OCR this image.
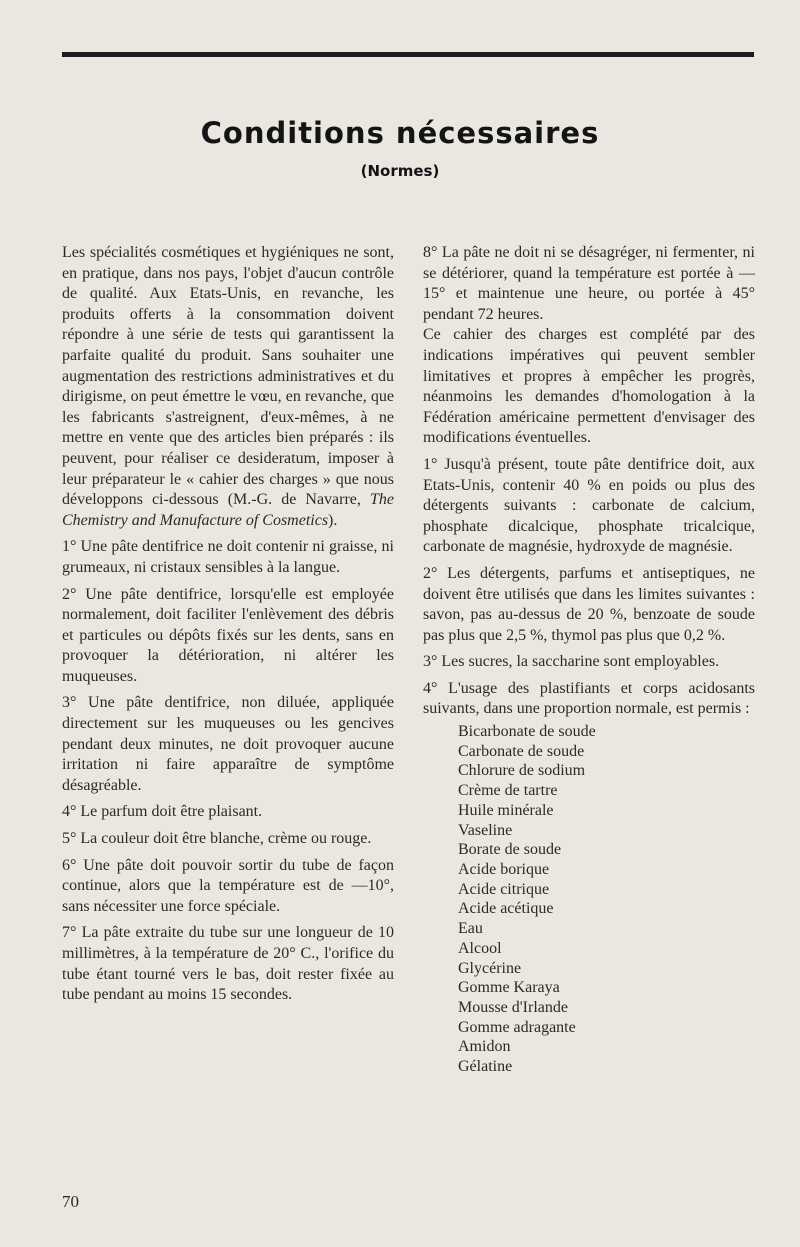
Conditions nécessaires
(Normes)

Les spécialités cosmétiques et hygiéniques ne sont, en pratique, dans nos pays, l'objet d'aucun contrôle de qualité. Aux Etats-Unis, en revanche, les produits offerts à la consommation doivent répondre à une série de tests qui garantissent la parfaite qualité du produit. Sans souhaiter une augmentation des restrictions administratives et du dirigisme, on peut émettre le vœu, en revanche, que les fabricants s'astreignent, d'eux-mêmes, à ne mettre en vente que des articles bien préparés : ils peuvent, pour réaliser ce desideratum, imposer à leur préparateur le « cahier des charges » que nous développons ci-dessous (M.-G. de Navarre, The Chemistry and Manufacture of Cosmetics).

1° Une pâte dentifrice ne doit contenir ni graisse, ni grumeaux, ni cristaux sensibles à la langue.

2° Une pâte dentifrice, lorsqu'elle est employée normalement, doit faciliter l'enlèvement des débris et particules ou dépôts fixés sur les dents, sans en provoquer la détérioration, ni altérer les muqueuses.

3° Une pâte dentifrice, non diluée, appliquée directement sur les muqueuses ou les gencives pendant deux minutes, ne doit provoquer aucune irritation ni faire apparaître de symptôme désagréable.

4° Le parfum doit être plaisant.

5° La couleur doit être blanche, crème ou rouge.

6° Une pâte doit pouvoir sortir du tube de façon continue, alors que la température est de —10°, sans nécessiter une force spéciale.

7° La pâte extraite du tube sur une longueur de 10 millimètres, à la température de 20° C., l'orifice du tube étant tourné vers le bas, doit rester fixée au tube pendant au moins 15 secondes.

8° La pâte ne doit ni se désagréger, ni fermenter, ni se détériorer, quand la température est portée à —15° et maintenue une heure, ou portée à 45° pendant 72 heures.

Ce cahier des charges est complété par des indications impératives qui peuvent sembler limitatives et propres à empêcher les progrès, néanmoins les demandes d'homologation à la Fédération américaine permettent d'envisager des modifications éventuelles.

1° Jusqu'à présent, toute pâte dentifrice doit, aux Etats-Unis, contenir 40 % en poids ou plus des détergents suivants : carbonate de calcium, phosphate dicalcique, phosphate tricalcique, carbonate de magnésie, hydroxyde de magnésie.

2° Les détergents, parfums et antiseptiques, ne doivent être utilisés que dans les limites suivantes : savon, pas au-dessus de 20 %, benzoate de soude pas plus que 2,5 %, thymol pas plus que 0,2 %.

3° Les sucres, la saccharine sont employables.

4° L'usage des plastifiants et corps acidosants suivants, dans une proportion normale, est permis :

Bicarbonate de soude
Carbonate de soude
Chlorure de sodium
Crème de tartre
Huile minérale
Vaseline
Borate de soude
Acide borique
Acide citrique
Acide acétique
Eau
Alcool
Glycérine
Gomme Karaya
Mousse d'Irlande
Gomme adragante
Amidon
Gélatine
70
